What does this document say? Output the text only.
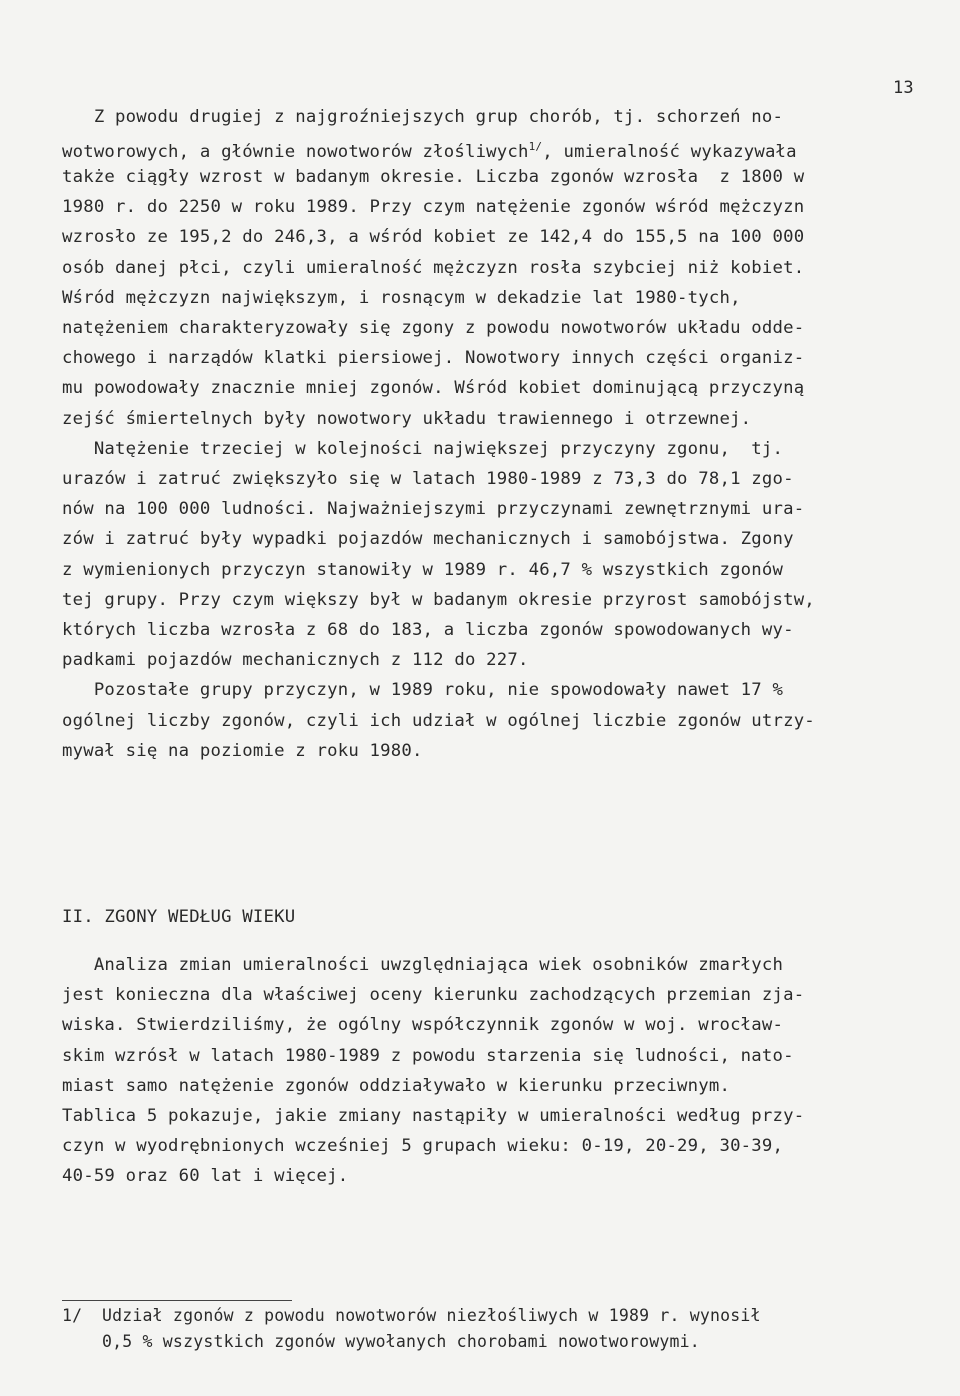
13
Z powodu drugiej z najgroźniejszych grup chorób, tj. schorzeń no-
wotworowych, a głównie nowotworów złośliwych$^{1/}$, umieralność wykazywała
także ciągły wzrost w badanym okresie. Liczba zgonów wzrosła  z 1800 w
1980 r. do 2250 w roku 1989. Przy czym natężenie zgonów wśród mężczyzn
wzrosło ze 195,2 do 246,3, a wśród kobiet ze 142,4 do 155,5 na 100 000
osób danej płci, czyli umieralność mężczyzn rosła szybciej niż kobiet.
Wśród mężczyzn największym, i rosnącym w dekadzie lat 1980-tych,
natężeniem charakteryzowały się zgony z powodu nowotworów układu odde-
chowego i narządów klatki piersiowej. Nowotwory innych części organiz-
mu powodowały znacznie mniej zgonów. Wśród kobiet dominującą przyczyną
zejść śmiertelnych były nowotwory układu trawiennego i otrzewnej.
Natężenie trzeciej w kolejności największej przyczyny zgonu,  tj.
urazów i zatruć zwiększyło się w latach 1980-1989 z 73,3 do 78,1 zgo-
nów na 100 000 ludności. Najważniejszymi przyczynami zewnętrznymi ura-
zów i zatruć były wypadki pojazdów mechanicznych i samobójstwa. Zgony
z wymienionych przyczyn stanowiły w 1989 r. 46,7 % wszystkich zgonów
tej grupy. Przy czym większy był w badanym okresie przyrost samobójstw,
których liczba wzrosła z 68 do 183, a liczba zgonów spowodowanych wy-
padkami pojazdów mechanicznych z 112 do 227.
Pozostałe grupy przyczyn, w 1989 roku, nie spowodowały nawet 17 %
ogólnej liczby zgonów, czyli ich udział w ogólnej liczbie zgonów utrzy-
mywał się na poziomie z roku 1980.
II. ZGONY WEDŁUG WIEKU
Analiza zmian umieralności uwzględniająca wiek osobników zmarłych
jest konieczna dla właściwej oceny kierunku zachodzących przemian zja-
wiska. Stwierdziliśmy, że ogólny współczynnik zgonów w woj. wrocław-
skim wzrósł w latach 1980-1989 z powodu starzenia się ludności, nato-
miast samo natężenie zgonów oddziaływało w kierunku przeciwnym.
Tablica 5 pokazuje, jakie zmiany nastąpiły w umieralności według przy-
czyn w wyodrębnionych wcześniej 5 grupach wieku: 0-19, 20-29, 30-39,
40-59 oraz 60 lat i więcej.
1/ Udział zgonów z powodu nowotworów niezłośliwych w 1989 r. wynosił
0,5 % wszystkich zgonów wywołanych chorobami nowotworowymi.
